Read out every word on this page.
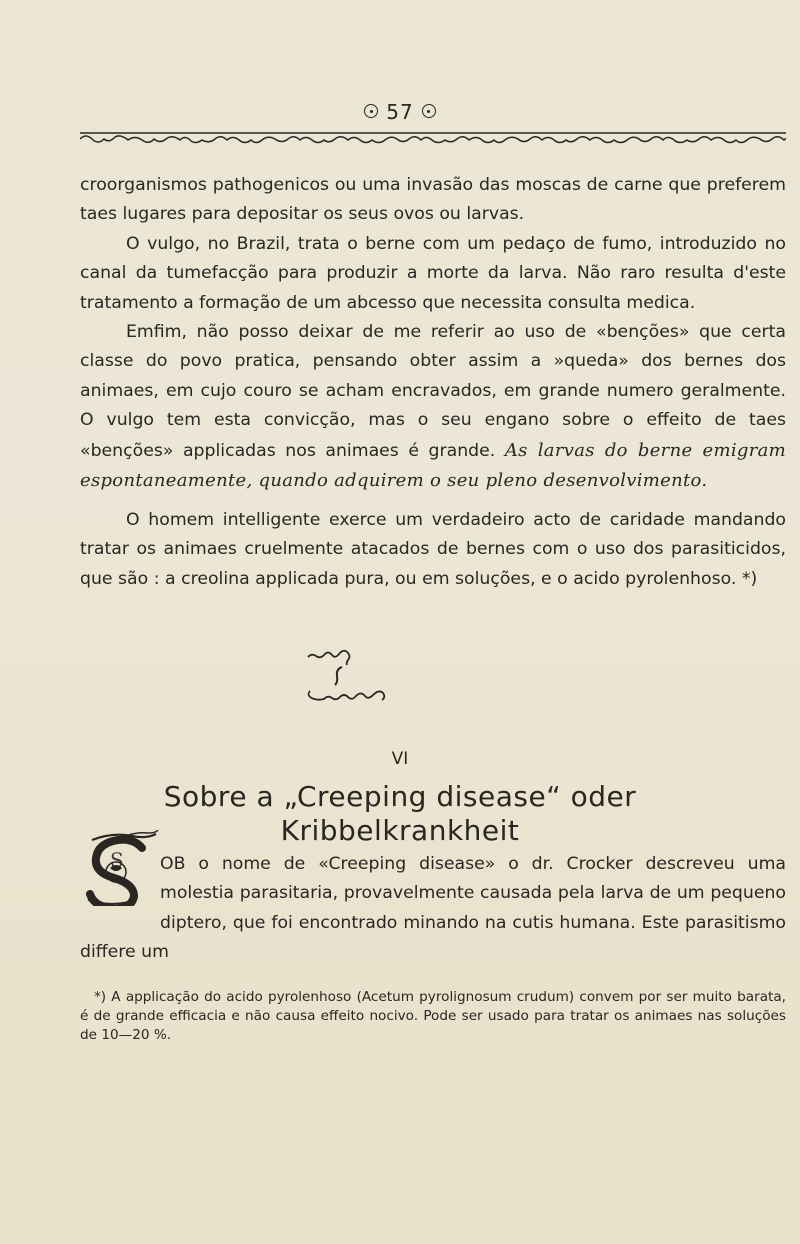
57

croorganismos pathogenicos ou uma invasão das moscas de carne que preferem taes lugares para depositar os seus ovos ou larvas.

O vulgo, no Brazil, trata o berne com um pedaço de fumo, introduzido no canal da tumefacção para produzir a morte da larva. Não raro resulta d'este tratamento a formação de um abcesso que necessita consulta medica.

Emfim, não posso deixar de me referir ao uso de «benções» que certa classe do povo pratica, pensando obter assim a »queda» dos bernes dos animaes, em cujo couro se acham encravados, em grande numero geralmente. O vulgo tem esta convicção, mas o seu engano sobre o effeito de taes «benções» applicadas nos animaes é grande. As larvas do berne emigram espontaneamente, quando adquirem o seu pleno desenvolvimento.

O homem intelligente exerce um verdadeiro acto de caridade mandando tratar os animaes cruelmente atacados de bernes com o uso dos parasiticidos, que são : a creolina applicada pura, ou em soluções, e o acido pyrolenhoso. *)

VI
Sobre a „Creeping disease“ oder
Kribbelkrankheit
S	OB o nome de «Creeping disease» o dr. Crocker descreveu uma molestia parasitaria, provavelmente causada pela larva de um pequeno diptero, que foi encontrado minando na cutis humana. Este parasitismo differe um

*) A applicação do acido pyrolenhoso (Acetum pyrolignosum crudum) convem por ser muito barata, é de grande efficacia e não causa effeito nocivo. Pode ser usado para tratar os animaes nas soluções de 10—20 %.
